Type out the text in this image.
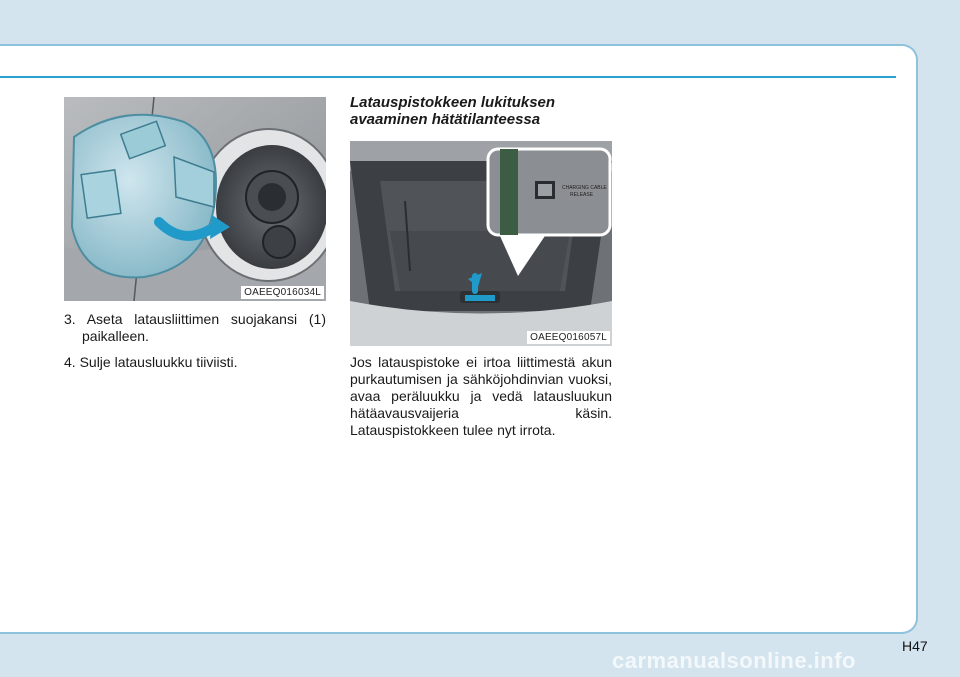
OAEEQ016034L

3. Aseta latausliittimen suojakansi (1) paikalleen.

4. Sulje latausluukku tiiviisti.

Latauspistokkeen lukituksen avaaminen hätätilanteessa
CHARGING CABLE
RELEASE
OAEEQ016057L

Jos latauspistoke ei irtoa liittimestä akun purkautumisen ja sähköjohdinvian vuoksi, avaa peräluukku ja vedä latausluukun hätäavausvaijeria käsin. Latauspistokkeen tulee nyt irrota.

H47
carmanualsonline.info
